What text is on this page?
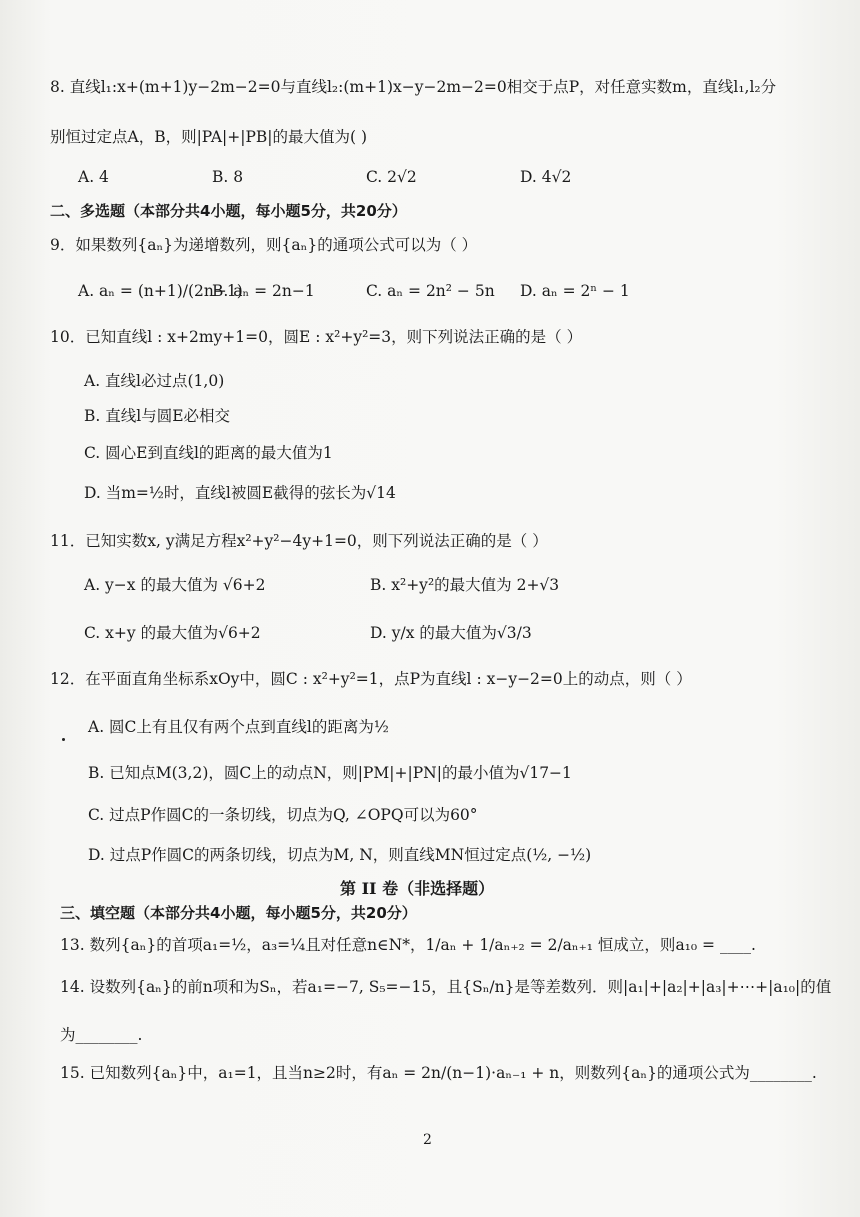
8. 直线l₁:x+(m+1)y−2m−2=0与直线l₂:(m+1)x−y−2m−2=0相交于点P，对任意实数m，直线l₁,l₂分
别恒过定点A，B，则|PA|+|PB|的最大值为( )
A. 4	B. 8	C. 2√2	D. 4√2
二、多选题（本部分共4小题，每小题5分，共20分）
9．如果数列{aₙ}为递增数列，则{aₙ}的通项公式可以为（ ）
A. aₙ = (n+1)/(2n−1)
B. aₙ = 2n−1	C. aₙ = 2n² − 5n D. aₙ = 2ⁿ − 1
10．已知直线l : x+2my+1=0，圆E : x²+y²=3，则下列说法正确的是（ ）
A. 直线l必过点(1,0)
B. 直线l与圆E必相交
C. 圆心E到直线l的距离的最大值为1
D. 当m=½时，直线l被圆E截得的弦长为√14
11．已知实数x, y满足方程x²+y²−4y+1=0，则下列说法正确的是（ ）
A. y−x 的最大值为 √6+2	B. x²+y²的最大值为 2+√3
C. x+y 的最大值为√6+2	D. y/x 的最大值为√3/3
12．在平面直角坐标系xOy中，圆C : x²+y²=1，点P为直线l : x−y−2=0上的动点，则（ ）
A. 圆C上有且仅有两个点到直线l的距离为½
B. 已知点M(3,2)，圆C上的动点N，则|PM|+|PN|的最小值为√17−1
C. 过点P作圆C的一条切线，切点为Q, ∠OPQ可以为60°
D. 过点P作圆C的两条切线，切点为M, N，则直线MN恒过定点(½, −½)
第 II 卷（非选择题）
三、填空题（本部分共4小题，每小题5分，共20分）
13. 数列{aₙ}的首项a₁=½，a₃=¼且对任意n∈N*，1/aₙ + 1/aₙ₊₂ = 2/aₙ₊₁ 恒成立，则a₁₀ = ____.
14. 设数列{aₙ}的前n项和为Sₙ，若a₁=−7, S₅=−15，且{Sₙ/n}是等差数列．则|a₁|+|a₂|+|a₃|+⋯+|a₁₀|的值
为________.
15. 已知数列{aₙ}中，a₁=1，且当n≥2时，有aₙ = 2n/(n−1)·aₙ₋₁ + n，则数列{aₙ}的通项公式为________.
2
